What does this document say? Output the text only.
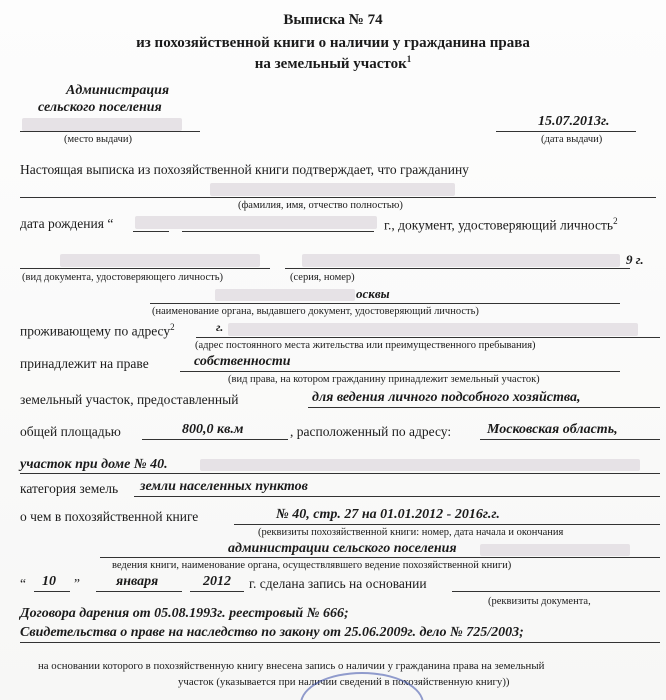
Выписка № 74
из похозяйственной книги о наличии у гражданина права
на земельный участок$^1$
Администрация
сельского поселения
(место выдачи)
15.07.2013г.
(дата выдачи)
Настоящая выписка из похозяйственной книги подтверждает, что гражданину
(фамилия, имя, отчество полностью)
дата рождения “	г., документ, удостоверяющий личность$^2$
9 г.
(вид документа, удостоверяющего личность)	(серия, номер)
осквы
(наименование органа, выдавшего документ, удостоверяющий личность)
проживающему по адресу$^2$	г.
(адрес постоянного места жительства или преимущественного пребывания)
принадлежит на праве	собственности
(вид права, на котором гражданину принадлежит земельный участок)
земельный участок, предоставленный	для ведения личного подсобного хозяйства,
общей площадью	800,0 кв.м	, расположенный по адресу:	Московская область,
участок при доме № 40.
категория земель земли населенных пунктов
о чем в похозяйственной книге	№ 40, стр. 27 на 01.01.2012 - 2016г.г.
(реквизиты похозяйственной книги: номер, дата начала и окончания
администрации сельского поселения
ведения книги, наименование органа, осуществлявшего ведение похозяйственной книги)
“ 10 ”	января	2012 г. сделана запись на основании
(реквизиты документа,
Договора дарения от 05.08.1993г. реестровый № 666;
Свидетельства о праве на наследство по закону от 25.06.2009г. дело № 725/2003;
на основании которого в похозяйственную книгу внесена запись о наличии у гражданина права на земельный
участок (указывается при наличии сведений в похозяйственную книгу))
